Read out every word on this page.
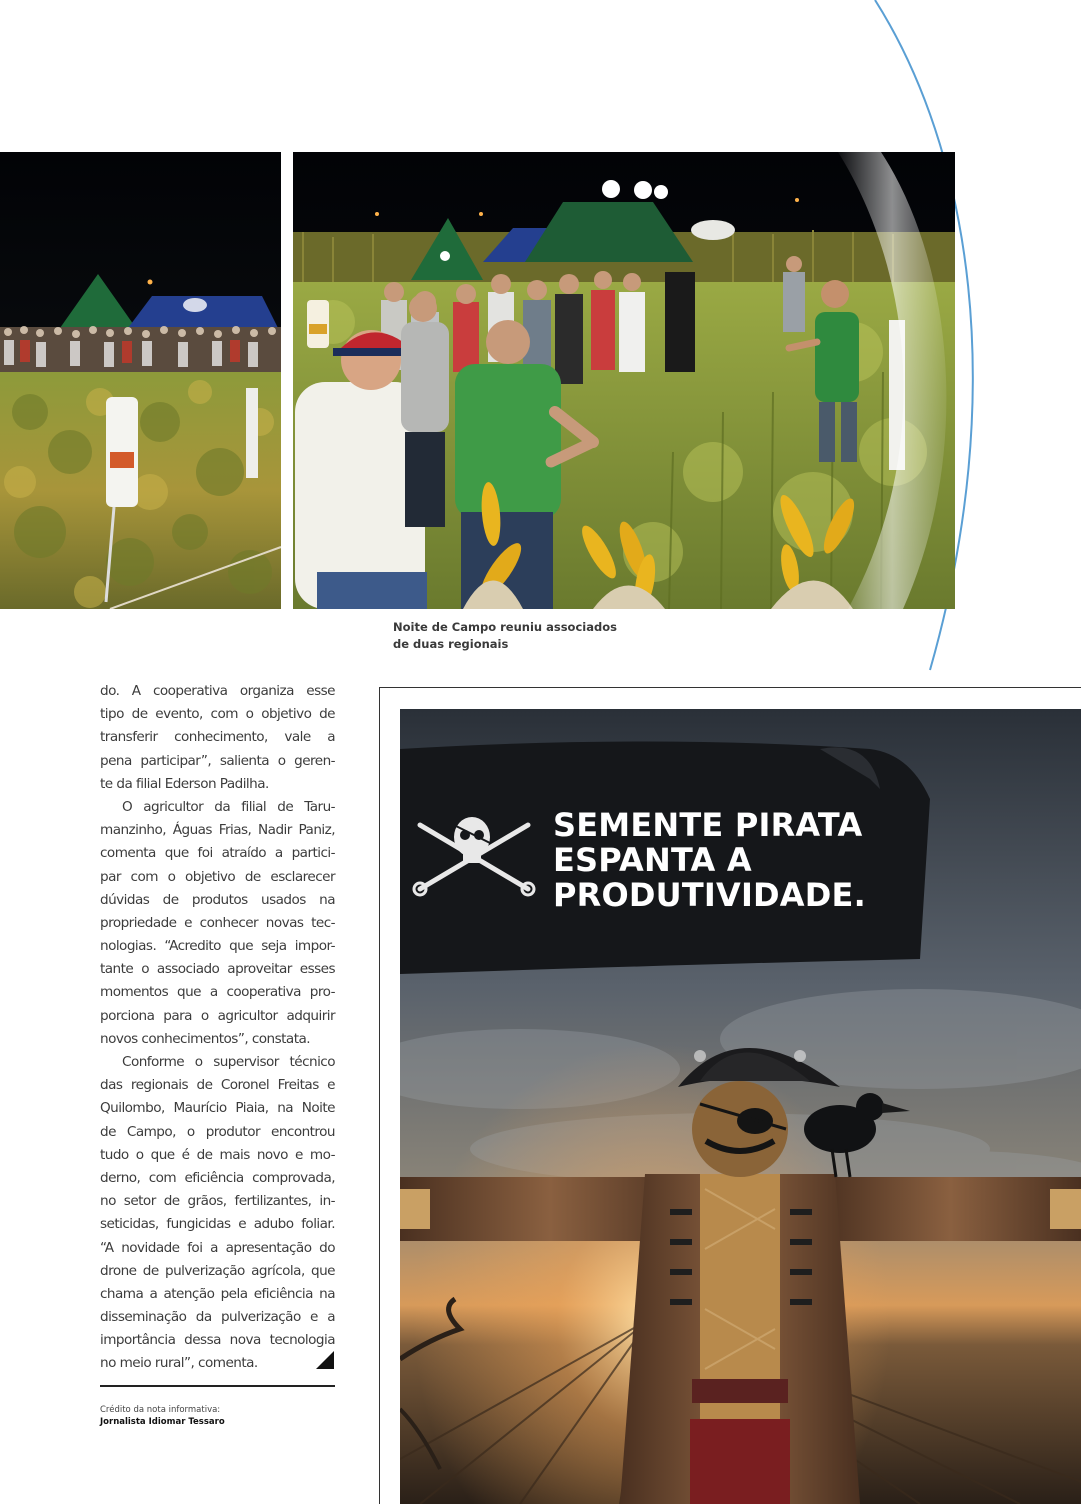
Noite de Campo reuniu associados
de duas regionais
do. A cooperativa organiza esse
tipo de evento, com o objetivo de
transferir conhecimento, vale a
pena participar”, salienta o geren-
te da filial Ederson Padilha.
O agricultor da filial de Taru-
manzinho, Águas Frias, Nadir Paniz,
comenta que foi atraído a partici-
par com o objetivo de esclarecer
dúvidas de produtos usados na
propriedade e conhecer novas tec-
nologias. “Acredito que seja impor-
tante o associado aproveitar esses
momentos que a cooperativa pro-
porciona para o agricultor adquirir
novos conhecimentos”, constata.
Conforme o supervisor técnico
das regionais de Coronel Freitas e
Quilombo, Maurício Piaia, na Noite
de Campo, o produtor encontrou
tudo o que é de mais novo e mo-
derno, com eficiência comprovada,
no setor de grãos, fertilizantes, in-
seticidas, fungicidas e adubo foliar.
“A novidade foi a apresentação do
drone de pulverização agrícola, que
chama a atenção pela eficiência na
disseminação da pulverização e a
importância dessa nova tecnologia
no meio rural”, comenta.
Crédito da nota informativa:
Jornalista Idiomar Tessaro
SEMENTE PIRATA
ESPANTA A
PRODUTIVIDADE.
